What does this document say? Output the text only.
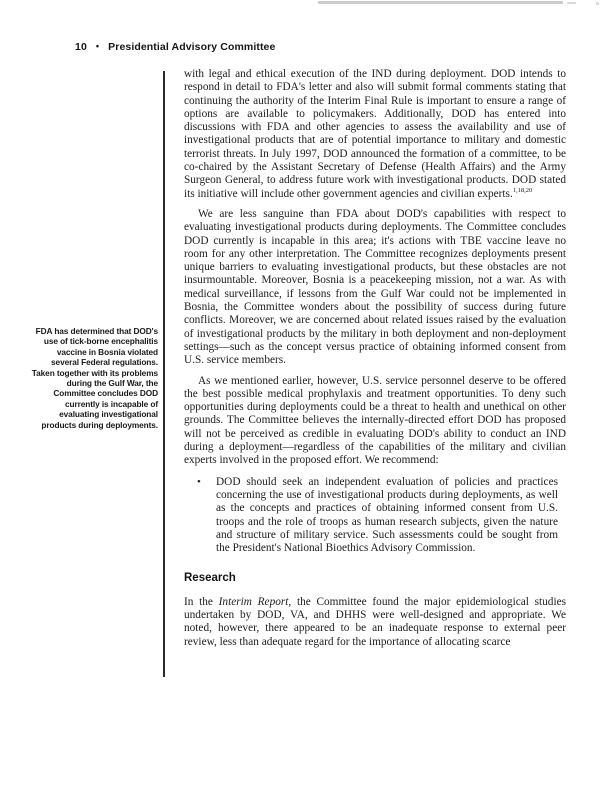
10 • Presidential Advisory Committee
FDA has determined that DOD's use of tick-borne encephalitis vaccine in Bosnia violated several Federal regulations. Taken together with its problems during the Gulf War, the Committee concludes DOD currently is incapable of evaluating investigational products during deployments.

with legal and ethical execution of the IND during deployment. DOD intends to respond in detail to FDA's letter and also will submit formal comments stating that continuing the authority of the Interim Final Rule is important to ensure a range of options are available to policymakers. Additionally, DOD has entered into discussions with FDA and other agencies to assess the availability and use of investigational products that are of potential importance to military and domestic terrorist threats. In July 1997, DOD announced the formation of a committee, to be co-chaired by the Assistant Secretary of Defense (Health Affairs) and the Army Surgeon General, to address future work with investigational products. DOD stated its initiative will include other government agencies and civilian experts.$^{1,18,20}$

We are less sanguine than FDA about DOD's capabilities with respect to evaluating investigational products during deployments. The Committee concludes DOD currently is incapable in this area; it's actions with TBE vaccine leave no room for any other interpretation. The Committee recognizes deployments present unique barriers to evaluating investigational products, but these obstacles are not insurmountable. Moreover, Bosnia is a peacekeeping mission, not a war. As with medical surveillance, if lessons from the Gulf War could not be implemented in Bosnia, the Committee wonders about the possibility of success during future conflicts. Moreover, we are concerned about related issues raised by the evaluation of investigational products by the military in both deployment and non-deployment settings—such as the concept versus practice of obtaining informed consent from U.S. service members.

As we mentioned earlier, however, U.S. service personnel deserve to be offered the best possible medical prophylaxis and treatment opportunities. To deny such opportunities during deployments could be a threat to health and unethical on other grounds. The Committee believes the internally-directed effort DOD has proposed will not be perceived as credible in evaluating DOD's ability to conduct an IND during a deployment—regardless of the capabilities of the military and civilian experts involved in the proposed effort. We recommend:

•	DOD should seek an independent evaluation of policies and practices concerning the use of investigational products during deployments, as well as the concepts and practices of obtaining informed consent from U.S. troops and the role of troops as human research subjects, given the nature and structure of military service. Such assessments could be sought from the President's National Bioethics Advisory Commission.
Research

In the Interim Report, the Committee found the major epidemiological studies undertaken by DOD, VA, and DHHS were well-designed and appropriate. We noted, however, there appeared to be an inadequate response to external peer review, less than adequate regard for the importance of allocating scarce
